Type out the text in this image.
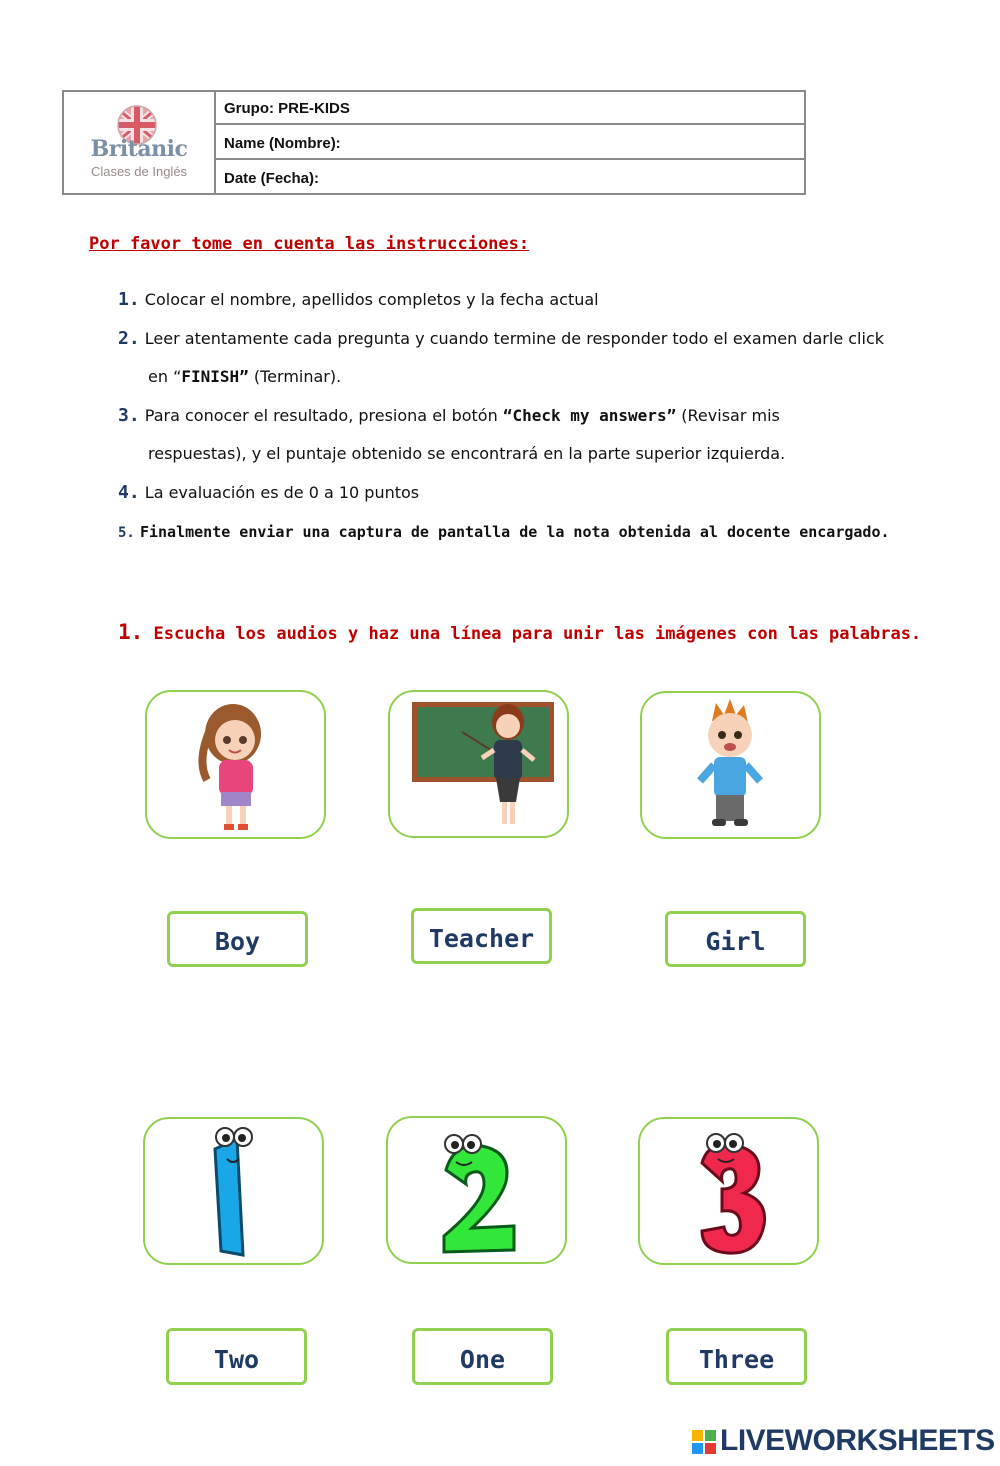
Britanic
Clases de Inglés
Grupo: PRE-KIDS
Name (Nombre):
Date (Fecha):
Por favor tome en cuenta las instrucciones:
1. Colocar el nombre, apellidos completos y la fecha actual
2. Leer atentamente cada pregunta y cuando termine de responder todo el examen darle click
en “FINISH” (Terminar).
3. Para conocer el resultado, presiona el botón “Check my answers” (Revisar mis
respuestas), y el puntaje obtenido se encontrará en la parte superior izquierda.
4. La evaluación es de 0 a 10 puntos
5. Finalmente enviar una captura de pantalla de la nota obtenida al docente encargado.
1. Escucha los audios y haz una línea para unir las imágenes con las palabras.
Boy	Teacher	Girl
Two	One	Three
LIVEWORKSHEETS
